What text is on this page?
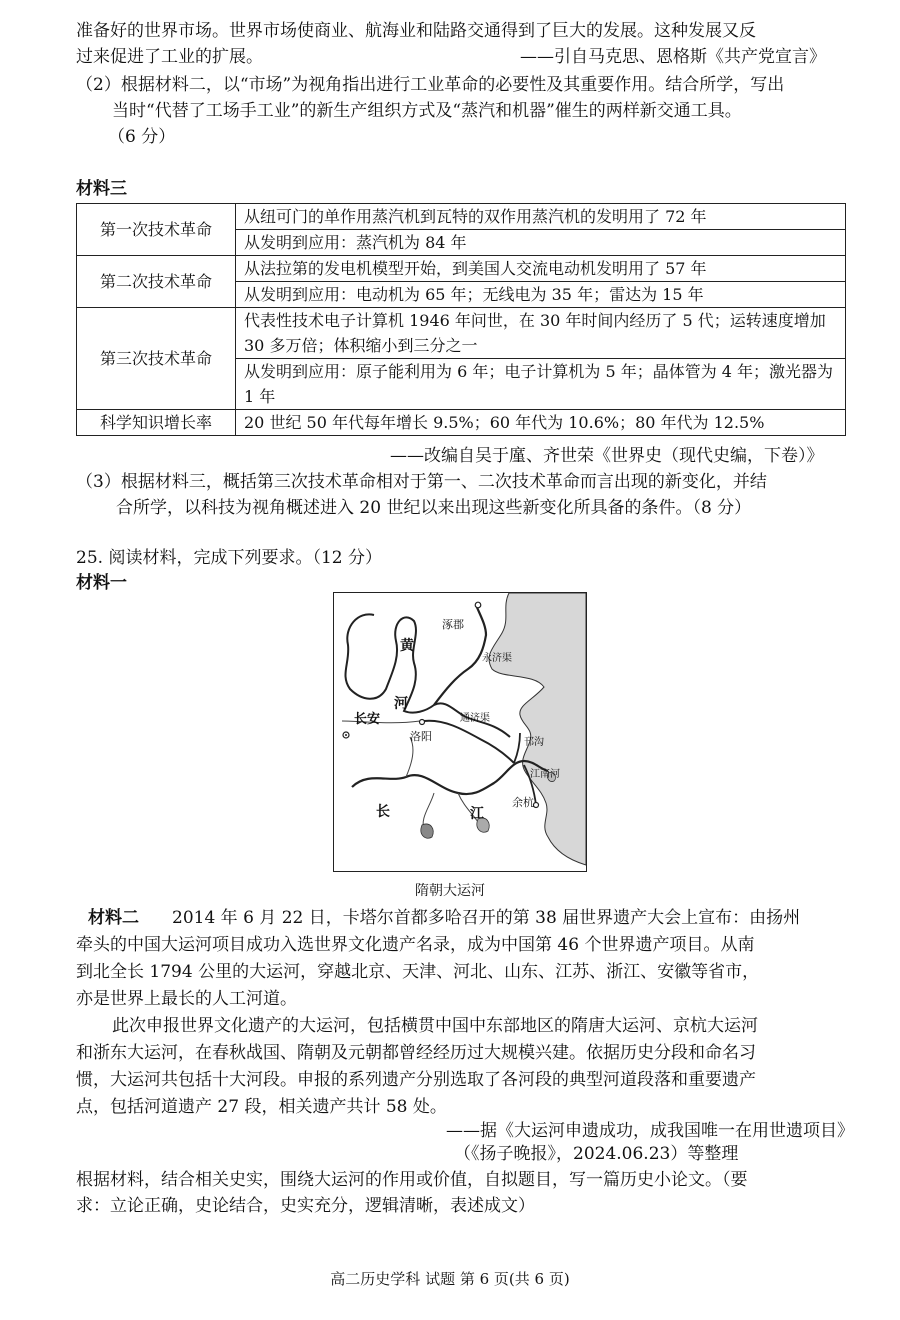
准备好的世界市场。世界市场使商业、航海业和陆路交通得到了巨大的发展。这种发展又反
过来促进了工业的扩展。	——引自马克思、恩格斯《共产党宣言》
（2）根据材料二，以“市场”为视角指出进行工业革命的必要性及其重要作用。结合所学，写出
当时“代替了工场手工业”的新生产组织方式及“蒸汽和机器”催生的两样新交通工具。
（6 分）
材料三
第一次技术革命	从纽可门的单作用蒸汽机到瓦特的双作用蒸汽机的发明用了 72 年
	从发明到应用：蒸汽机为 84 年
第二次技术革命	从法拉第的发电机模型开始，到美国人交流电动机发明用了 57 年
	从发明到应用：电动机为 65 年；无线电为 35 年；雷达为 15 年
第三次技术革命	代表性技术电子计算机 1946 年问世，在 30 年时间内经历了 5 代；运转速度增加 30 多万倍；体积缩小到三分之一
	从发明到应用：原子能利用为 6 年；电子计算机为 5 年；晶体管为 4 年；激光器为 1 年
科学知识增长率	20 世纪 50 年代每年增长 9.5%；60 年代为 10.6%；80 年代为 12.5%
——改编自吴于廑、齐世荣《世界史（现代史编，下卷）》
（3）根据材料三，概括第三次技术革命相对于第一、二次技术革命而言出现的新变化，并结
合所学，以科技为视角概述进入 20 世纪以来出现这些新变化所具备的条件。（8 分）
25. 阅读材料，完成下列要求。（12 分）
材料一
涿郡
永济渠
黄
河
长安
洛阳
通济渠
邗沟
江南河
长	江
余杭
隋朝大运河
材料二 2014 年 6 月 22 日，卡塔尔首都多哈召开的第 38 届世界遗产大会上宣布：由扬州
牵头的中国大运河项目成功入选世界文化遗产名录，成为中国第 46 个世界遗产项目。从南
到北全长 1794 公里的大运河，穿越北京、天津、河北、山东、江苏、浙江、安徽等省市，
亦是世界上最长的人工河道。
此次申报世界文化遗产的大运河，包括横贯中国中东部地区的隋唐大运河、京杭大运河
和浙东大运河，在春秋战国、隋朝及元朝都曾经经历过大规模兴建。依据历史分段和命名习
惯，大运河共包括十大河段。申报的系列遗产分别选取了各河段的典型河道段落和重要遗产
点，包括河道遗产 27 段，相关遗产共计 58 处。
——据《大运河申遗成功，成我国唯一在用世遗项目》
（《扬子晚报》，2024.06.23）等整理
根据材料，结合相关史实，围绕大运河的作用或价值，自拟题目，写一篇历史小论文。（要
求：立论正确，史论结合，史实充分，逻辑清晰，表述成文）
高二历史学科 试题 第 6 页(共 6 页)
